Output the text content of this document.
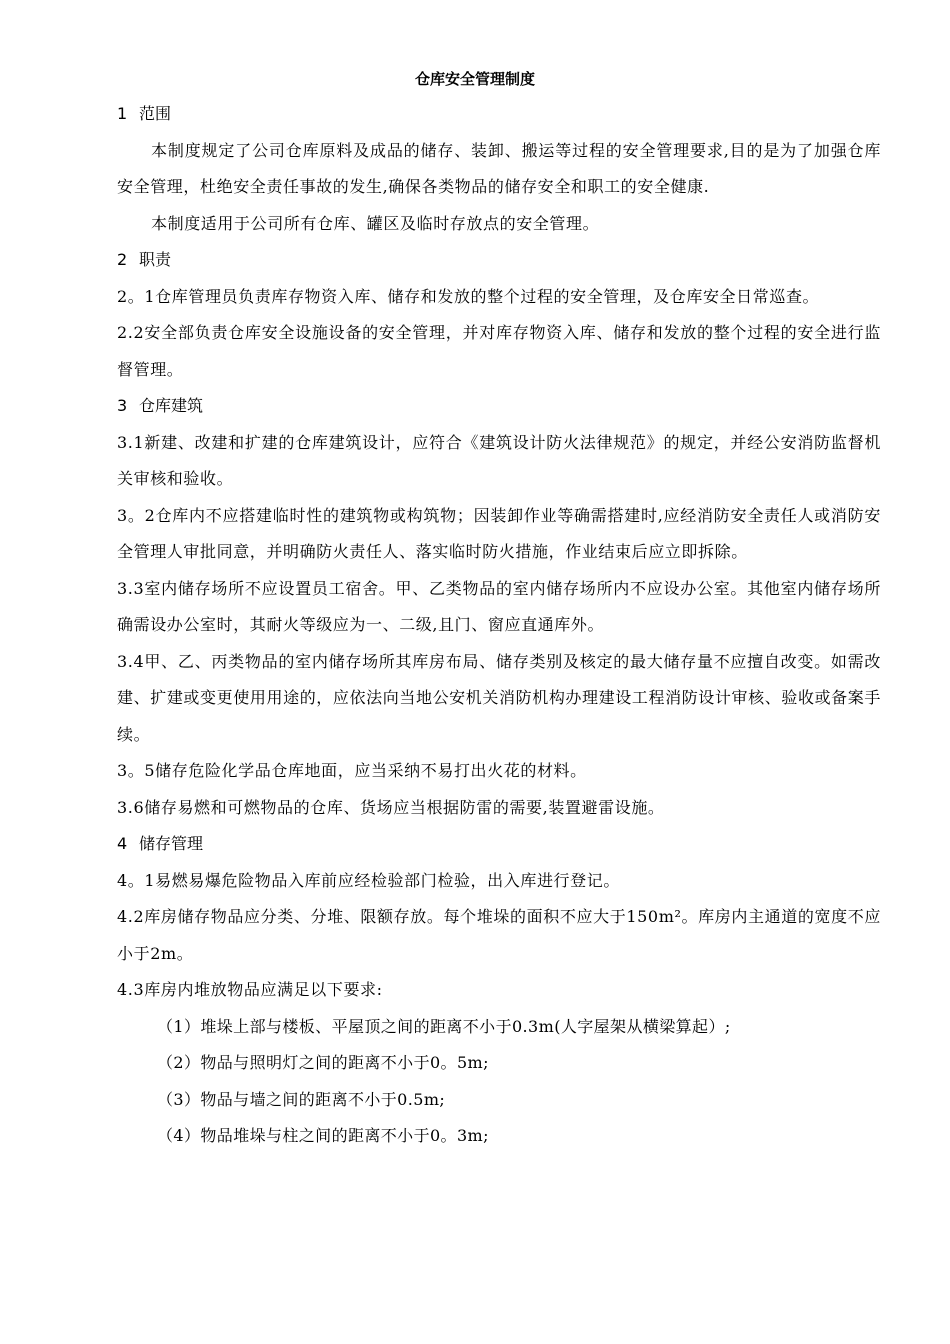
仓库安全管理制度
1 范围

本制度规定了公司仓库原料及成品的储存、装卸、搬运等过程的安全管理要求,目的是为了加强仓库安全管理，杜绝安全责任事故的发生,确保各类物品的储存安全和职工的安全健康.

本制度适用于公司所有仓库、罐区及临时存放点的安全管理。

2 职责

2。1仓库管理员负责库存物资入库、储存和发放的整个过程的安全管理，及仓库安全日常巡查。

2.2安全部负责仓库安全设施设备的安全管理，并对库存物资入库、储存和发放的整个过程的安全进行监督管理。

3 仓库建筑

3.1新建、改建和扩建的仓库建筑设计，应符合《建筑设计防火法律规范》的规定，并经公安消防监督机关审核和验收。

3。2仓库内不应搭建临时性的建筑物或构筑物；因装卸作业等确需搭建时,应经消防安全责任人或消防安全管理人审批同意，并明确防火责任人、落实临时防火措施，作业结束后应立即拆除。

3.3室内储存场所不应设置员工宿舍。甲、乙类物品的室内储存场所内不应设办公室。其他室内储存场所确需设办公室时，其耐火等级应为一、二级,且门、窗应直通库外。

3.4甲、乙、丙类物品的室内储存场所其库房布局、储存类别及核定的最大储存量不应擅自改变。如需改建、扩建或变更使用用途的，应依法向当地公安机关消防机构办理建设工程消防设计审核、验收或备案手续。

3。5储存危险化学品仓库地面，应当采纳不易打出火花的材料。

3.6储存易燃和可燃物品的仓库、货场应当根据防雷的需要,装置避雷设施。

4 储存管理

4。1易燃易爆危险物品入库前应经检验部门检验，出入库进行登记。

4.2库房储存物品应分类、分堆、限额存放。每个堆垛的面积不应大于150m²。库房内主通道的宽度不应小于2m。

4.3库房内堆放物品应满足以下要求:

（1）堆垛上部与楼板、平屋顶之间的距离不小于0.3m(人字屋架从横梁算起）;

（2）物品与照明灯之间的距离不小于0。5m;

（3）物品与墙之间的距离不小于0.5m;

（4）物品堆垛与柱之间的距离不小于0。3m;
